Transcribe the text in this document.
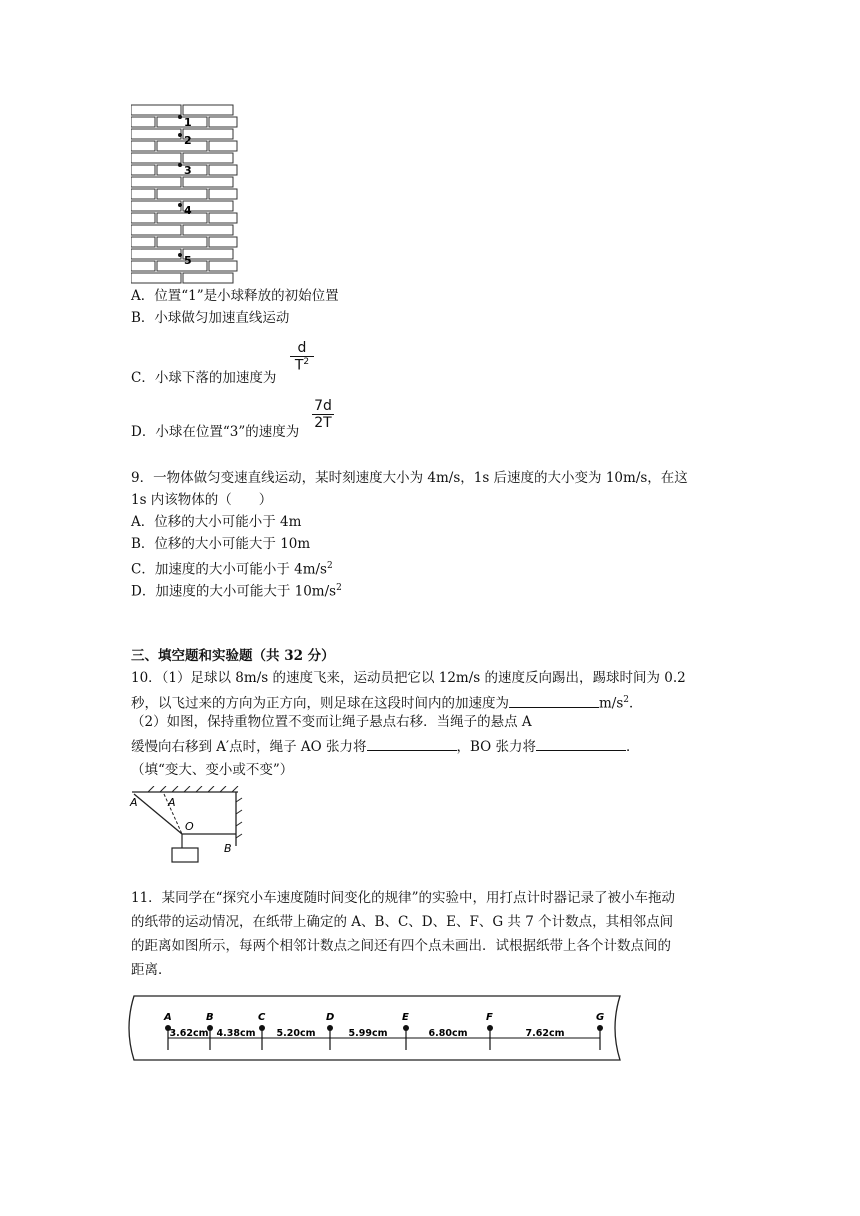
1
2
3
4
5
A．位置“1”是小球释放的初始位置
B．小球做匀加速直线运动
C．小球下落的加速度为
$\frac{d}{T^2}$
D．小球在位置“3”的速度为
$\frac{7d}{2T}$
9．一物体做匀变速直线运动，某时刻速度大小为 4m/s，1s 后速度的大小变为 10m/s，在这
1s 内该物体的（　　）
A．位移的大小可能小于 4m
B．位移的大小可能大于 10m
C．加速度的大小可能小于 $4m/s^2$
D．加速度的大小可能大于 $10m/s^2$
三、填空题和实验题（共 32 分）
10．（1）足球以 8m/s 的速度飞来，运动员把它以 12m/s 的速度反向踢出，踢球时间为 0.2
秒，以飞过来的方向为正方向，则足球在这段时间内的加速度为	$m/s^2$．
（2）如图，保持重物位置不变而让绳子悬点右移．当绳子的悬点 A
缓慢向右移到 A′点时，绳子 AO 张力将	，BO 张力将	．
（填“变大、变小或不变”）
A	A
O
B
11．某同学在“探究小车速度随时间变化的规律”的实验中，用打点计时器记录了被小车拖动
的纸带的运动情况，在纸带上确定的 A、B、C、D、E、F、G 共 7 个计数点，其相邻点间
的距离如图所示，每两个相邻计数点之间还有四个点未画出．试根据纸带上各个计数点间的
距离．
A	B	C	D	E	F	G
3.62cm 4.38cm 5.20cm	5.99cm	6.80cm	7.62cm
